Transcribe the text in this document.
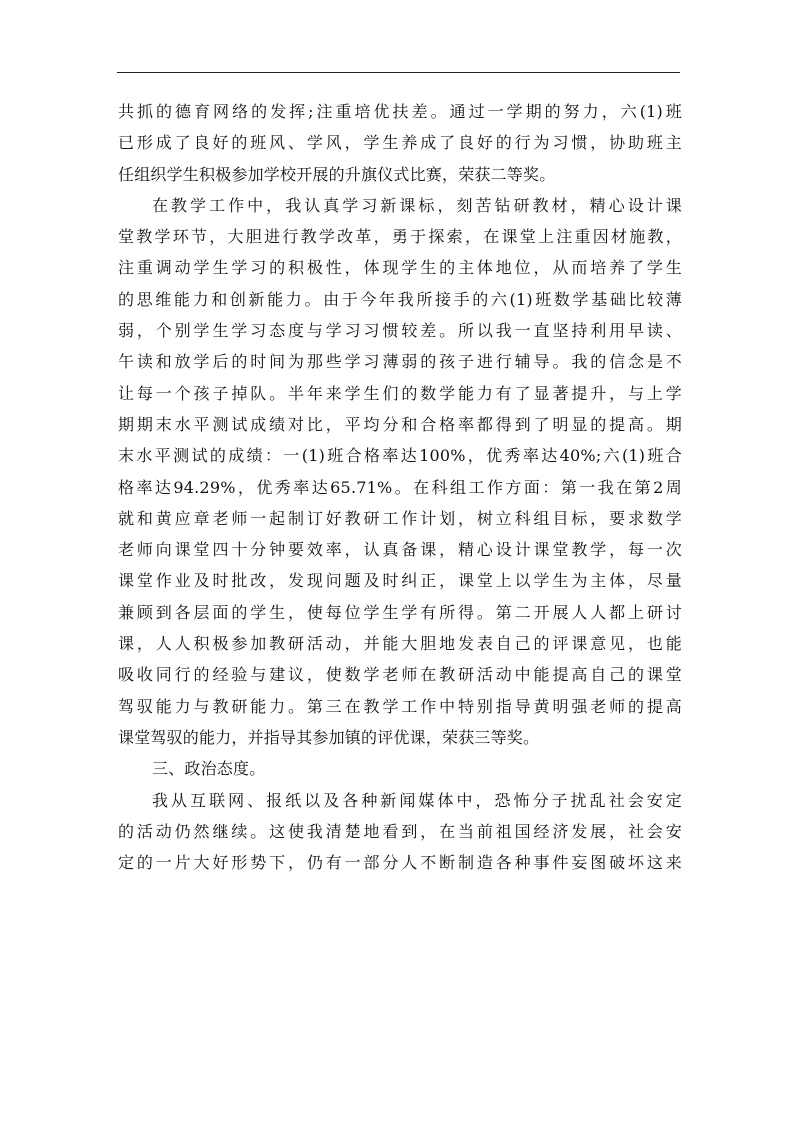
共抓的德育网络的发挥;注重培优扶差。通过一学期的努力，六(1)班
已形成了良好的班风、学风，学生养成了良好的行为习惯，协助班主
任组织学生积极参加学校开展的升旗仪式比赛，荣获二等奖。
在教学工作中，我认真学习新课标，刻苦钻研教材，精心设计课
堂教学环节，大胆进行教学改革，勇于探索，在课堂上注重因材施教，
注重调动学生学习的积极性，体现学生的主体地位，从而培养了学生
的思维能力和创新能力。由于今年我所接手的六(1)班数学基础比较薄
弱，个别学生学习态度与学习习惯较差。所以我一直坚持利用早读、
午读和放学后的时间为那些学习薄弱的孩子进行辅导。我的信念是不
让每一个孩子掉队。半年来学生们的数学能力有了显著提升，与上学
期期末水平测试成绩对比，平均分和合格率都得到了明显的提高。期
末水平测试的成绩：一(1)班合格率达100%，优秀率达40%;六(1)班合
格率达94.29%，优秀率达65.71%。在科组工作方面：第一我在第2周
就和黄应章老师一起制订好教研工作计划，树立科组目标，要求数学
老师向课堂四十分钟要效率，认真备课，精心设计课堂教学，每一次
课堂作业及时批改，发现问题及时纠正，课堂上以学生为主体，尽量
兼顾到各层面的学生，使每位学生学有所得。第二开展人人都上研讨
课，人人积极参加教研活动，并能大胆地发表自己的评课意见，也能
吸收同行的经验与建议，使数学老师在教研活动中能提高自己的课堂
驾驭能力与教研能力。第三在教学工作中特别指导黄明强老师的提高
课堂驾驭的能力，并指导其参加镇的评优课，荣获三等奖。
三、政治态度。
我从互联网、报纸以及各种新闻媒体中，恐怖分子扰乱社会安定
的活动仍然继续。这使我清楚地看到，在当前祖国经济发展，社会安
定的一片大好形势下，仍有一部分人不断制造各种事件妄图破坏这来
